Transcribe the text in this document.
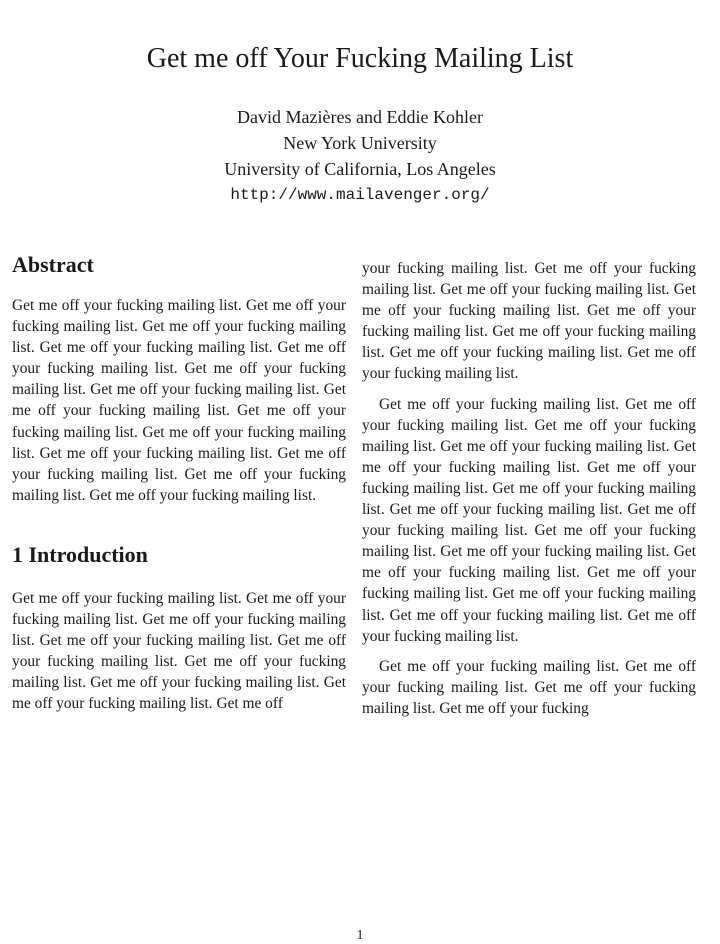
Get me off Your Fucking Mailing List
David Mazières and Eddie Kohler
New York University
University of California, Los Angeles
http://www.mailavenger.org/
Abstract

Get me off your fucking mailing list. Get me off your fucking mailing list. Get me off your fucking mailing list. Get me off your fucking mailing list. Get me off your fucking mailing list. Get me off your fucking mailing list. Get me off your fucking mailing list. Get me off your fucking mailing list. Get me off your fucking mailing list. Get me off your fucking mailing list. Get me off your fucking mailing list. Get me off your fucking mailing list. Get me off your fucking mailing list. Get me off your fucking mailing list.

1 Introduction

Get me off your fucking mailing list. Get me off your fucking mailing list. Get me off your fucking mailing list. Get me off your fucking mailing list. Get me off your fucking mailing list. Get me off your fucking mailing list. Get me off your fucking mailing list. Get me off your fucking mailing list. Get me off

your fucking mailing list. Get me off your fucking mailing list. Get me off your fucking mailing list. Get me off your fucking mailing list. Get me off your fucking mailing list. Get me off your fucking mailing list. Get me off your fucking mailing list. Get me off your fucking mailing list.

Get me off your fucking mailing list. Get me off your fucking mailing list. Get me off your fucking mailing list. Get me off your fucking mailing list. Get me off your fucking mailing list. Get me off your fucking mailing list. Get me off your fucking mailing list. Get me off your fucking mailing list. Get me off your fucking mailing list. Get me off your fucking mailing list. Get me off your fucking mailing list. Get me off your fucking mailing list. Get me off your fucking mailing list. Get me off your fucking mailing list. Get me off your fucking mailing list. Get me off your fucking mailing list.

Get me off your fucking mailing list. Get me off your fucking mailing list. Get me off your fucking mailing list. Get me off your fucking

1
